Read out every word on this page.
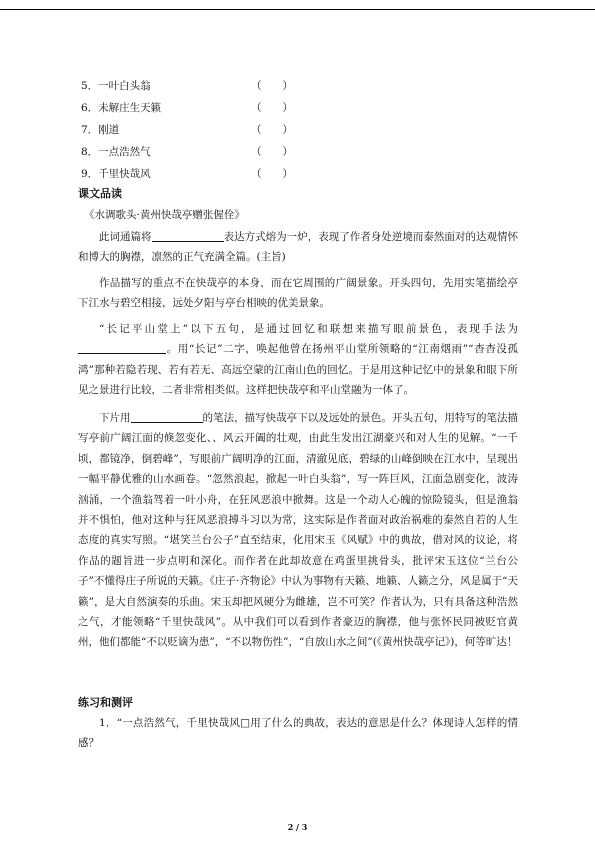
5．一叶白头翁	（　　）
6．未解庄生天籁	（　　）
7．刚道	（　　）
8．一点浩然气	（　　）
9．千里快哉风	（　　）
课文品读

《水调歌头·黄州快哉亭赠张偓佺》

此词通篇将	表达方式熔为一炉，表现了作者身处逆境而泰然面对的达观情怀和博大的胸襟，凛然的正气充满全篇。(主旨)

作品描写的重点不在快哉亭的本身，而在它周围的广阔景象。开头四句，先用实笔描绘亭下江水与碧空相接，远处夕阳与亭台相映的优美景象。

“长记平山堂上”以下五句，是通过回忆和联想来描写眼前景色，表现手法为。用“长记”二字，唤起他曾在扬州平山堂所领略的“江南烟雨”“杳杳没孤鸿”那种若隐若现、若有若无、高远空蒙的江南山色的回忆。于是用这种记忆中的景象和眼下所见之景进行比较，二者非常相类似。这样把快哉亭和平山堂融为一体了。

下片用	的笔法，描写快哉亭下以及远处的景色。开头五句，用特写的笔法描写亭前广阔江面的倏忽变化、、风云开阖的壮观，由此生发出江湖豪兴和对人生的见解。“一千顷，都镜净，倒碧峰”，写眼前广阔明净的江面，清澈见底，碧绿的山峰倒映在江水中，呈现出一幅平静优雅的山水画卷。“忽然浪起，掀起一叶白头翁”，写一阵巨风，江面急剧变化，波涛汹涌，一个渔翁驾着一叶小舟，在狂风恶浪中掀舞。这是一个动人心魄的惊险镜头，但是渔翁并不惧怕，他对这种与狂风恶浪搏斗习以为常，这实际是作者面对政治祸难的泰然自若的人生态度的真实写照。“堪笑兰台公子”直至结束，化用宋玉《风赋》中的典故，借对风的议论，将作品的题旨进一步点明和深化。而作者在此却故意在鸡蛋里挑骨头，批评宋玉这位“兰台公子”不懂得庄子所说的天籁。《庄子·齐物论》中认为事物有天籁、地籁、人籁之分，风是属于“天籁”，是大自然演奏的乐曲。宋玉却把风硬分为雌雄，岂不可笑？作者认为，只有具备这种浩然之气，才能领略“千里快哉风”。从中我们可以看到作者豪迈的胸襟，他与张怀民同被贬官黄州，他们都能“不以贬谪为患”，“不以物伤性”，“自放山水之间”(《黄州快哉亭记》)，何等旷达！

练习和测评

1．“一点浩然气，千里快哉风□用了什么的典故，表达的意思是什么？体现诗人怎样的情感？

2 / 3
